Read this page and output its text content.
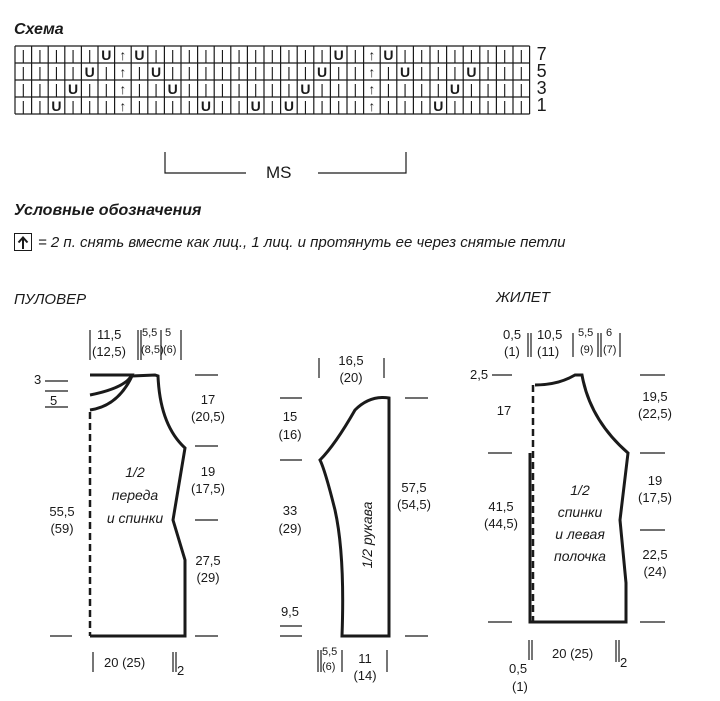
Схема
| | | | | U ↑ U | | | | | | | | | | | U | ↑ U | | | | | | | | 7
| | | | U | ↑ | U | | | | | | | | | U | | ↑ | U | | | U | | | 5
| | | U | | ↑ | | U | | | | | | | U | | | ↑ | | | | U | | | | 3
| | U | | | ↑ | | | | U | | U | U | | | | ↑ | | | U | | | | | 1
Условные обозначения
= 2 п. снять вместе как лиц., 1 лиц. и протянуть ее через снятые петли
MS
ПУЛОВЕР
11,5
(12,5)
5,5
(8,5)
5
(6)
3
5	17
(20,5)
19
(17,5)
27,5
(29)
55,5
(59)
1/2
переда
и спинки
20 (25)
2
16,5
(20)
15
(16)
33
(29)
9,5
57,5
(54,5)
1/2 рукава
5,5
(6)
11
(14)
ЖИЛЕТ
0,5
(1)
10,5
(11)
5,5
(9)
6
(7)
2,5
17
41,5
(44,5)
19,5
(22,5)
19
(17,5)
22,5
(24)
1/2
спинки
и левая
полочка
20 (25)
2
0,5
(1)
